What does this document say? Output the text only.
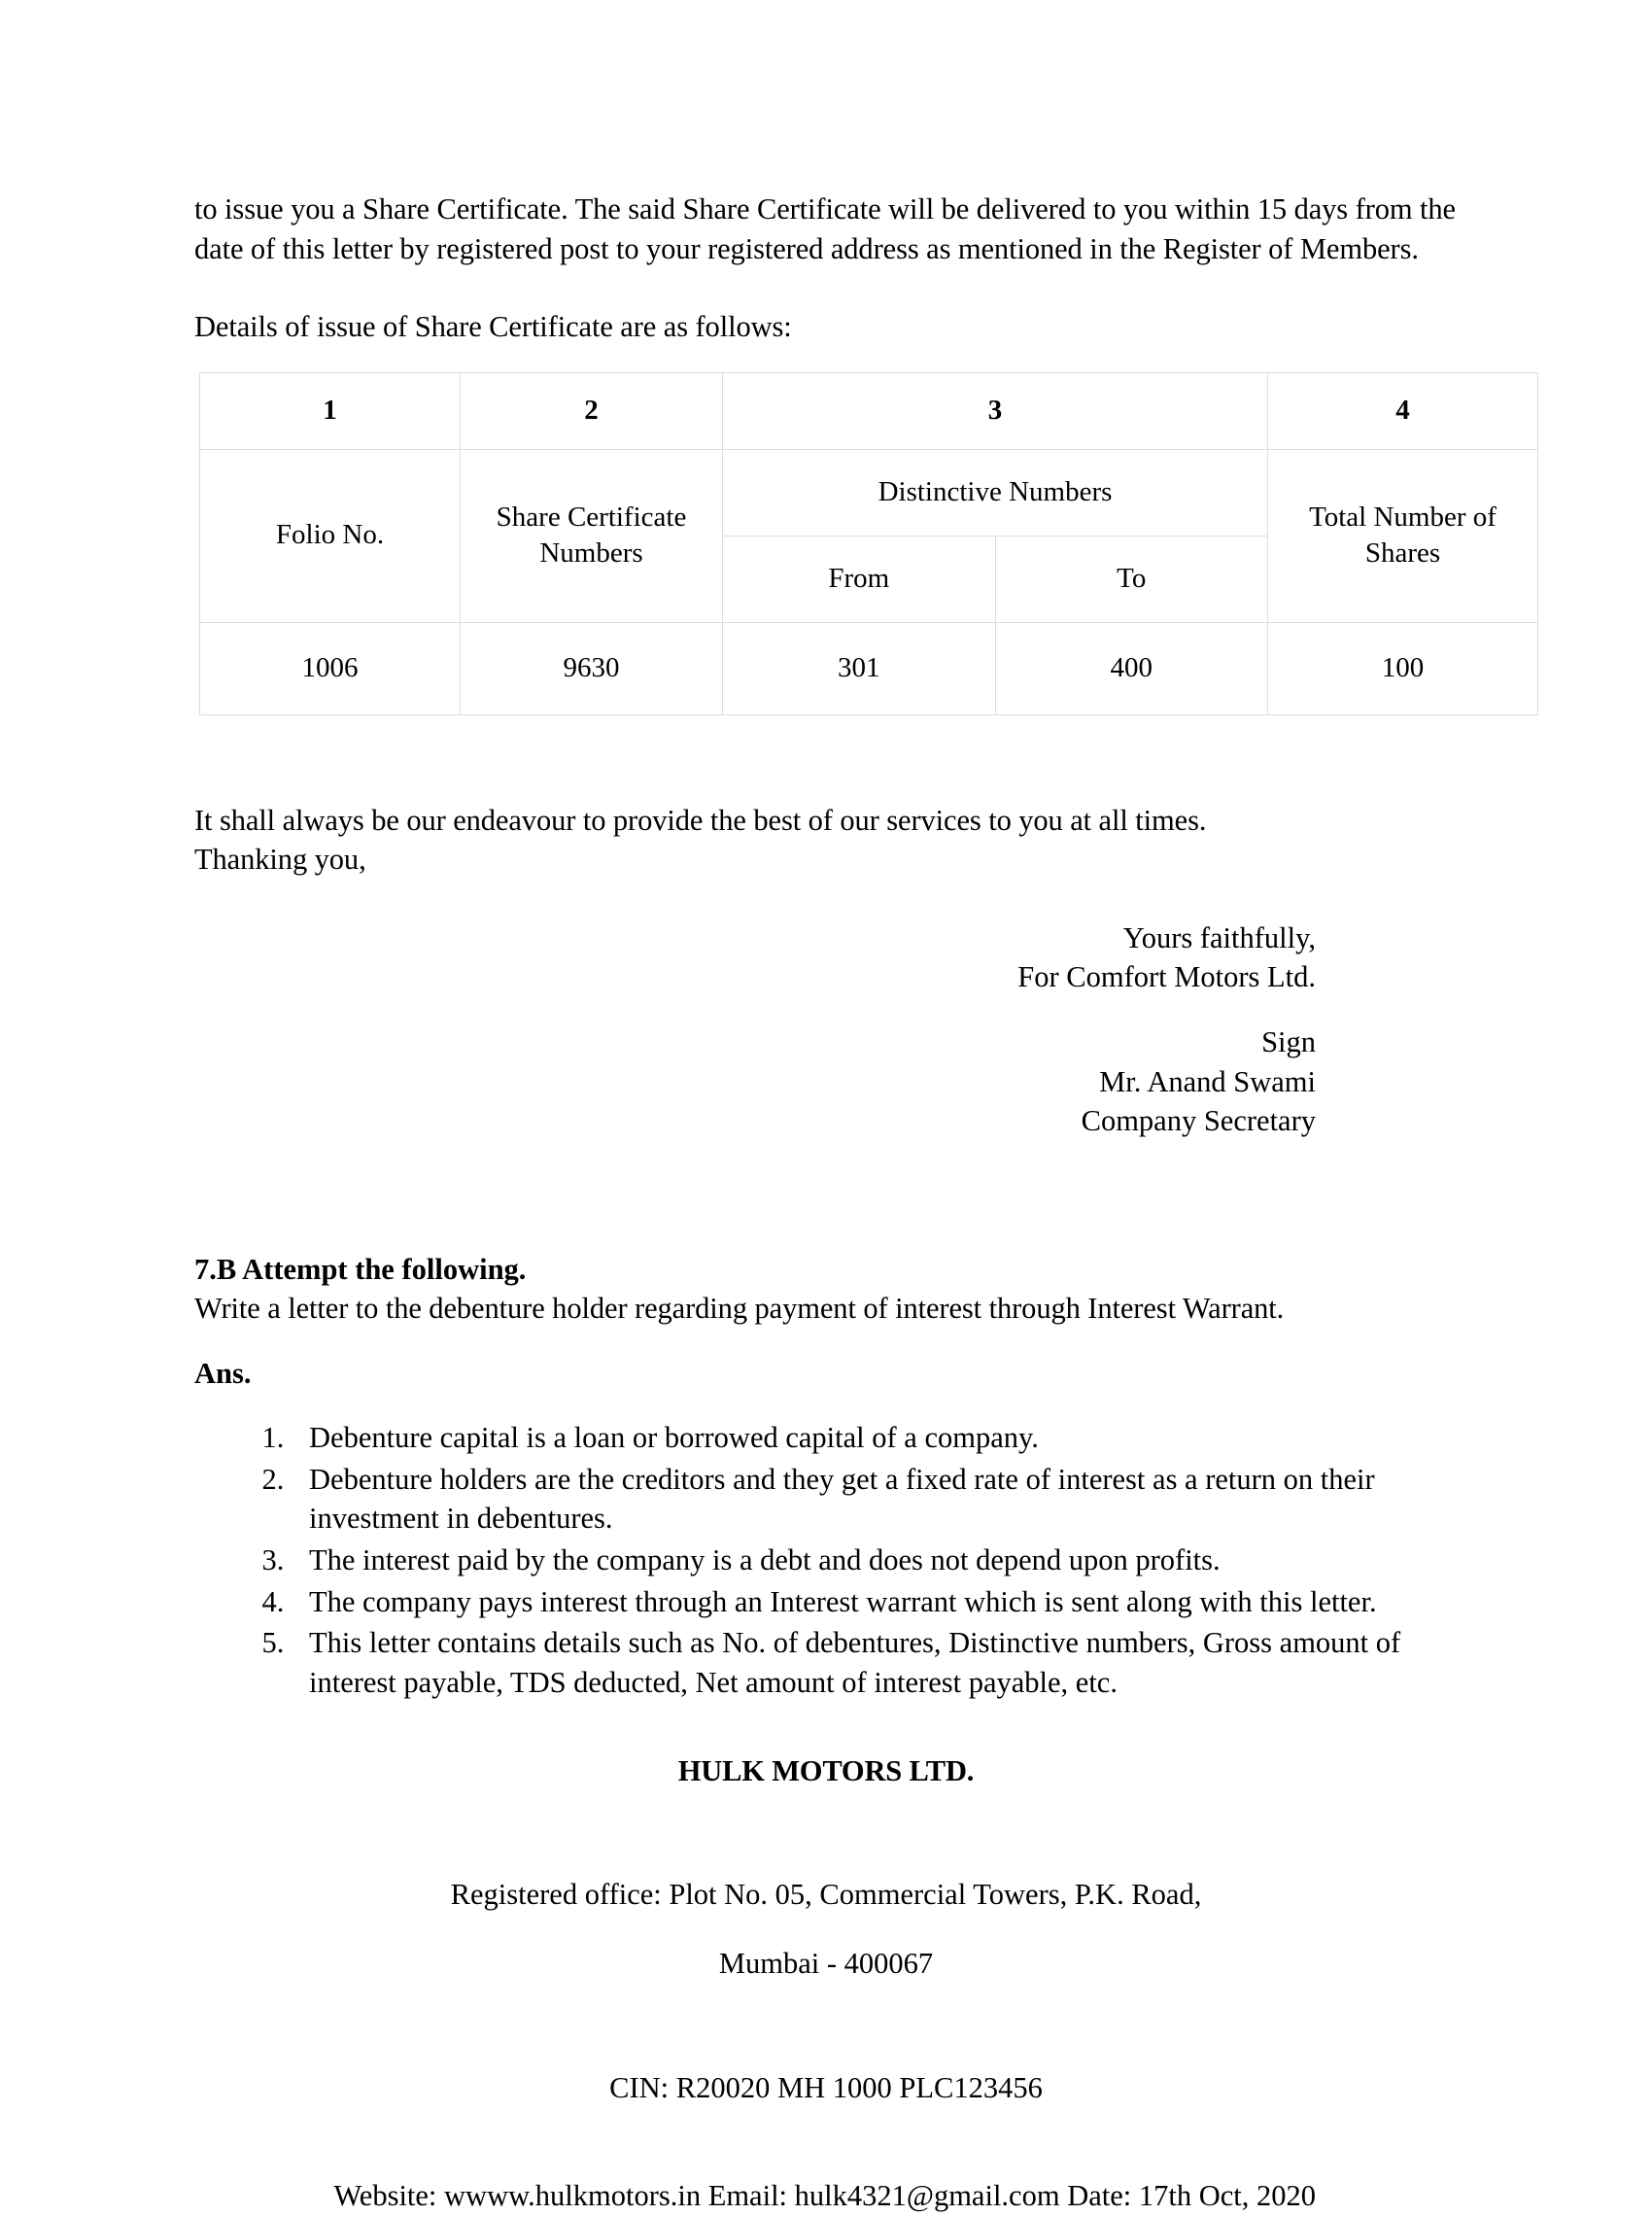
to issue you a Share Certificate. The said Share Certificate will be delivered to you within 15 days from the date of this letter by registered post to your registered address as mentioned in the Register of Members.

Details of issue of Share Certificate are as follows:

1	2	3		4
Folio No.	Share Certificate Numbers	Distinctive Numbers		Total Number of Shares
		From	To	
1006	9630	301	400	100

It shall always be our endeavour to provide the best of our services to you at all times.

Thanking you,

Yours faithfully,
For Comfort Motors Ltd.
Sign
Mr. Anand Swami
Company Secretary

7.B Attempt the following.

Write a letter to the debenture holder regarding payment of interest through Interest Warrant.

Ans.

1. Debenture capital is a loan or borrowed capital of a company.
2. Debenture holders are the creditors and they get a fixed rate of interest as a return on their investment in debentures.
3. The interest paid by the company is a debt and does not depend upon profits.
4. The company pays interest through an Interest warrant which is sent along with this letter.
5. This letter contains details such as No. of debentures, Distinctive numbers, Gross amount of interest payable, TDS deducted, Net amount of interest payable, etc.

HULK MOTORS LTD.

Registered office: Plot No. 05, Commercial Towers, P.K. Road,

Mumbai - 400067

CIN: R20020 MH 1000 PLC123456

Website: wwww.hulkmotors.in Email: hulk4321@gmail.com Date: 17th Oct, 2020
